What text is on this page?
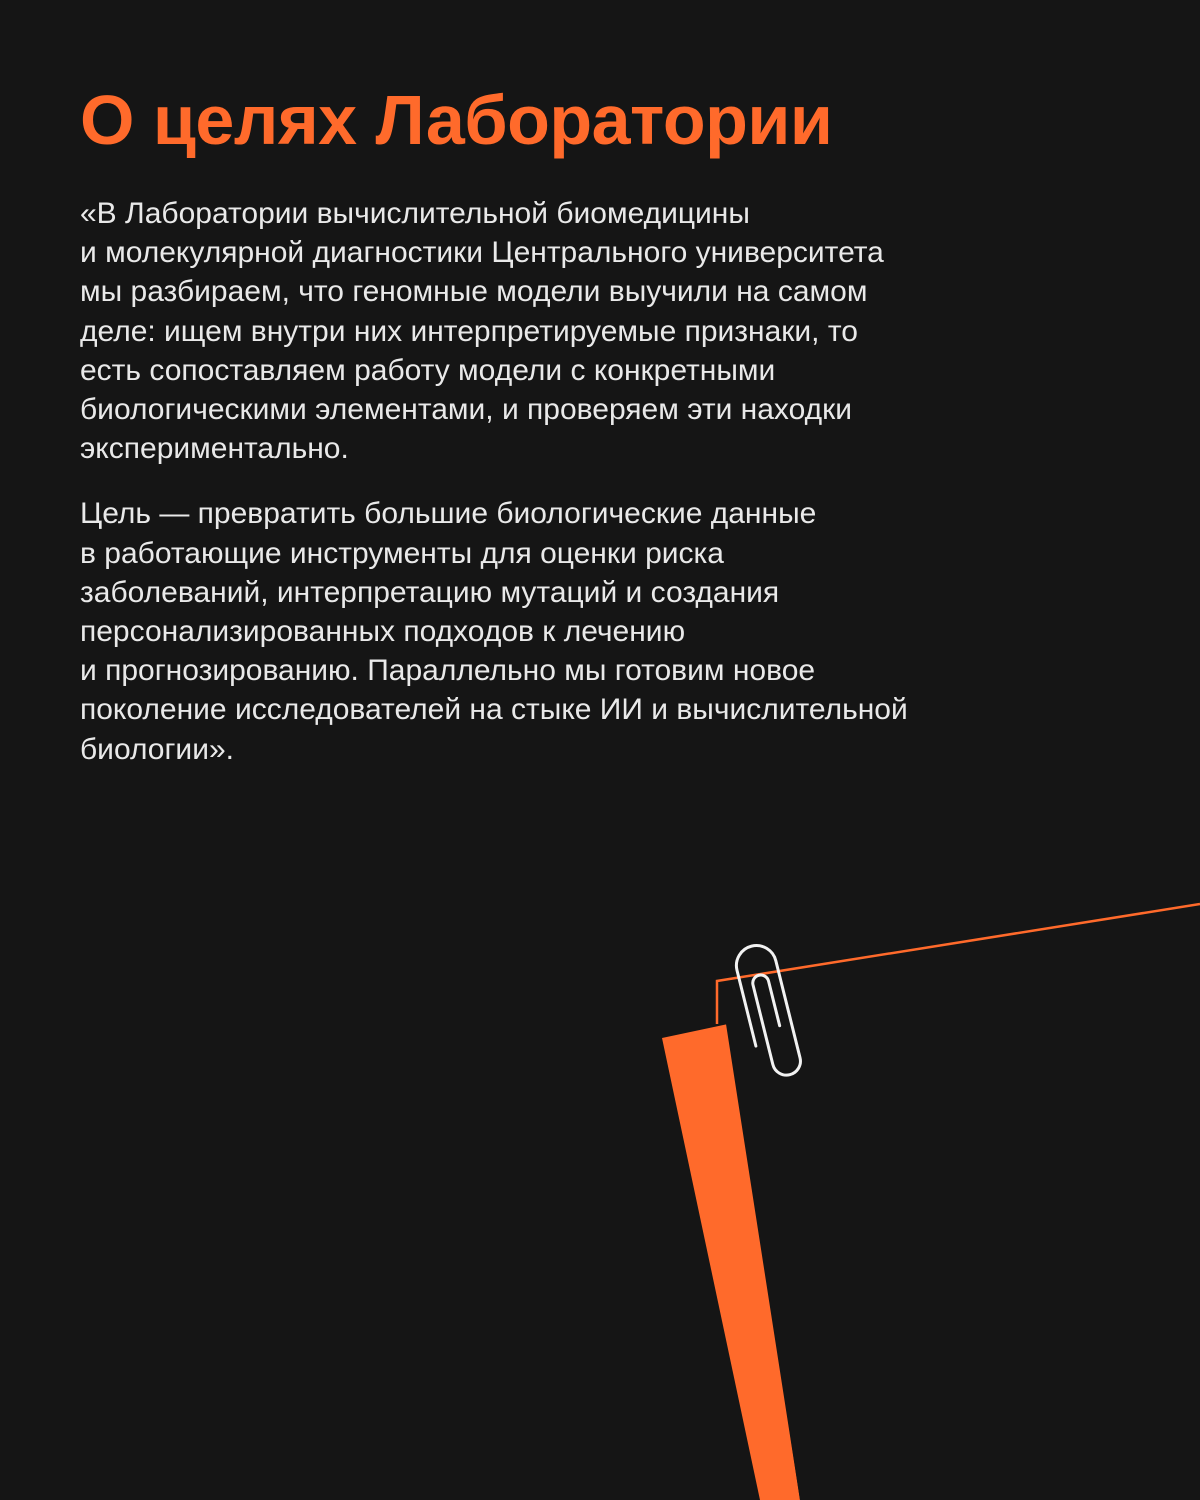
О целях Лаборатории

«В Лаборатории вычислительной биомедицины
и молекулярной диагностики Центрального университета
мы разбираем, что геномные модели выучили на самом
деле: ищем внутри них интерпретируемые признаки, то
есть сопоставляем работу модели с конкретными
биологическими элементами, и проверяем эти находки
экспериментально.

Цель — превратить большие биологические данные
в работающие инструменты для оценки риска
заболеваний, интерпретацию мутаций и создания
персонализированных подходов к лечению
и прогнозированию. Параллельно мы готовим новое
поколение исследователей на стыке ИИ и вычислительной
биологии».
